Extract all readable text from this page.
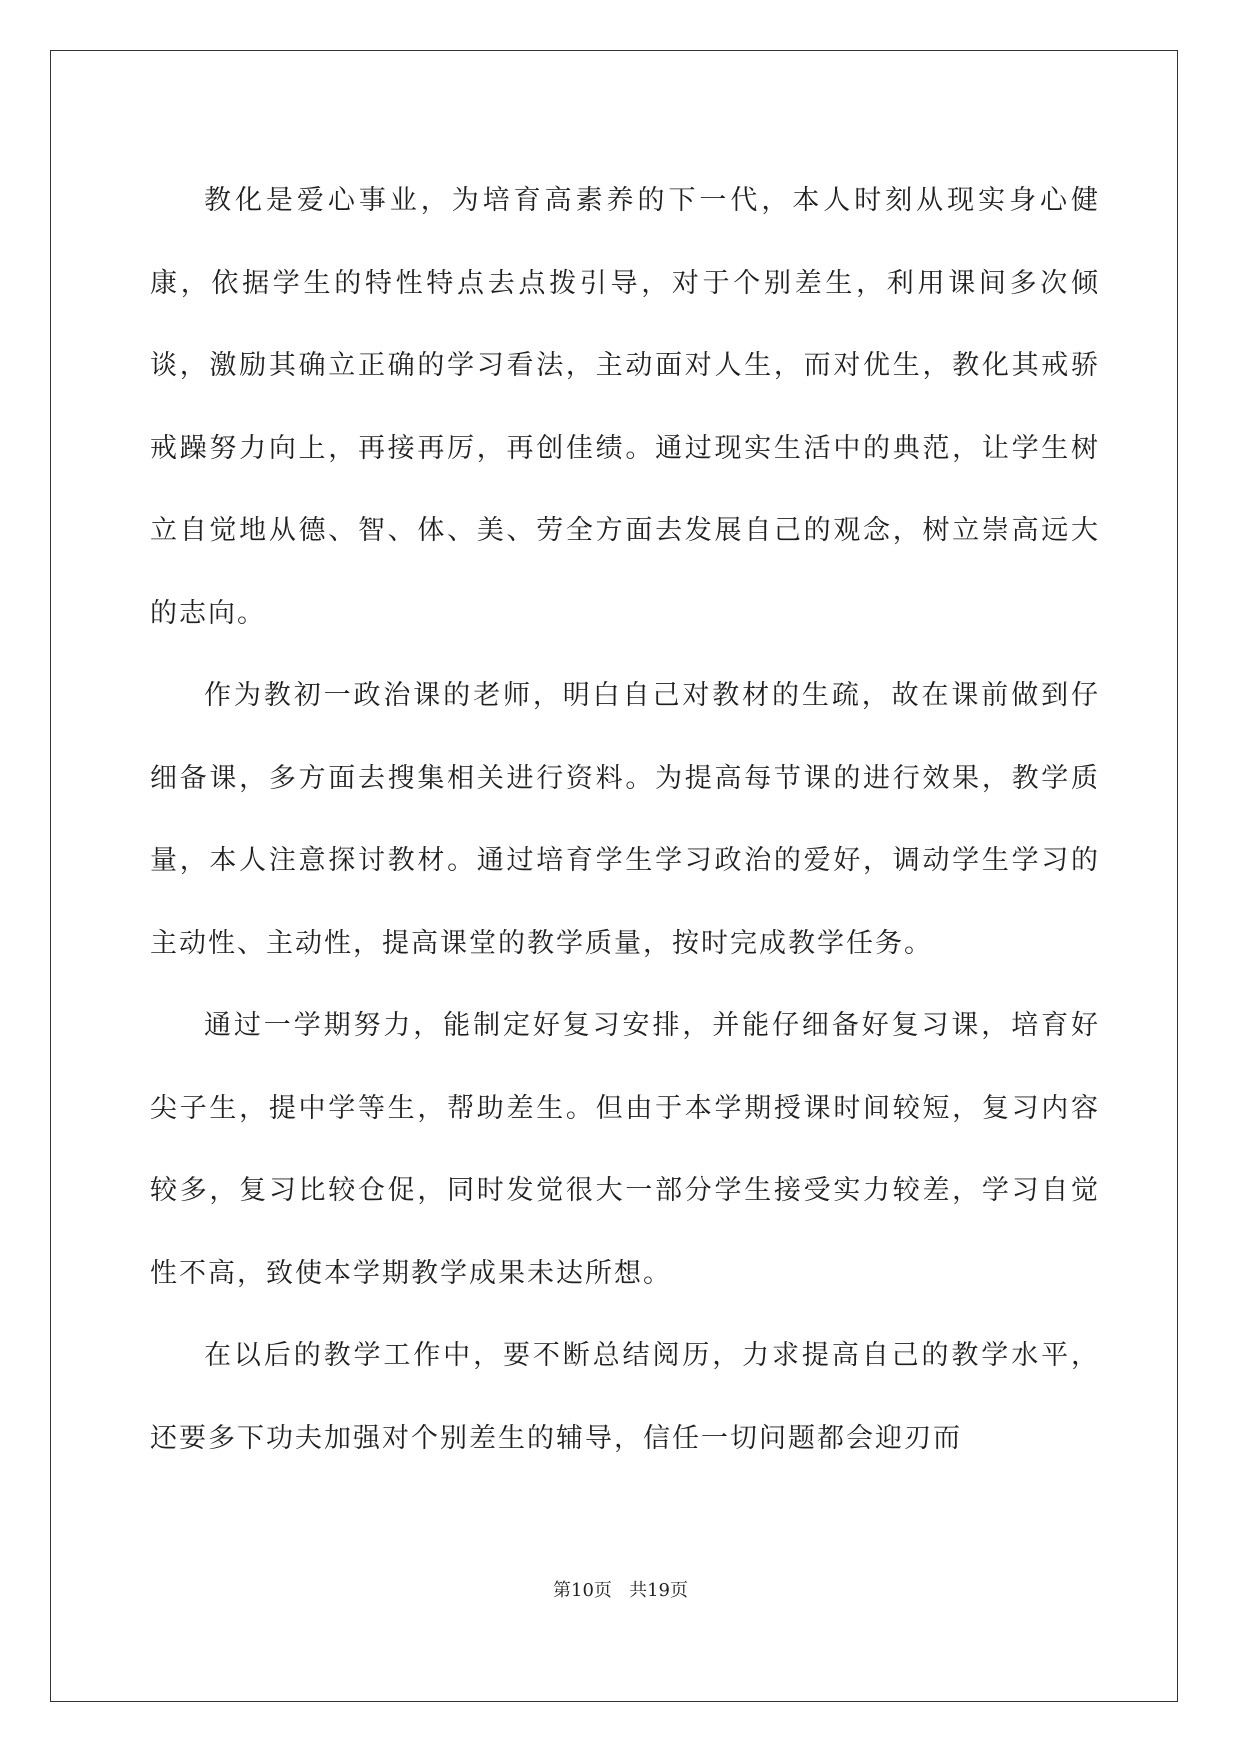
教化是爱心事业，为培育高素养的下一代，本人时刻从现实身心健康，依据学生的特性特点去点拨引导，对于个别差生，利用课间多次倾谈，激励其确立正确的学习看法，主动面对人生，而对优生，教化其戒骄戒躁努力向上，再接再厉，再创佳绩。通过现实生活中的典范，让学生树立自觉地从德、智、体、美、劳全方面去发展自己的观念，树立崇高远大的志向。

作为教初一政治课的老师，明白自己对教材的生疏，故在课前做到仔细备课，多方面去搜集相关进行资料。为提高每节课的进行效果，教学质量，本人注意探讨教材。通过培育学生学习政治的爱好，调动学生学习的主动性、主动性，提高课堂的教学质量，按时完成教学任务。

通过一学期努力，能制定好复习安排，并能仔细备好复习课，培育好尖子生，提中学等生，帮助差生。但由于本学期授课时间较短，复习内容较多，复习比较仓促，同时发觉很大一部分学生接受实力较差，学习自觉性不高，致使本学期教学成果未达所想。

在以后的教学工作中，要不断总结阅历，力求提高自己的教学水平，还要多下功夫加强对个别差生的辅导，信任一切问题都会迎刃而

第10页 共19页
